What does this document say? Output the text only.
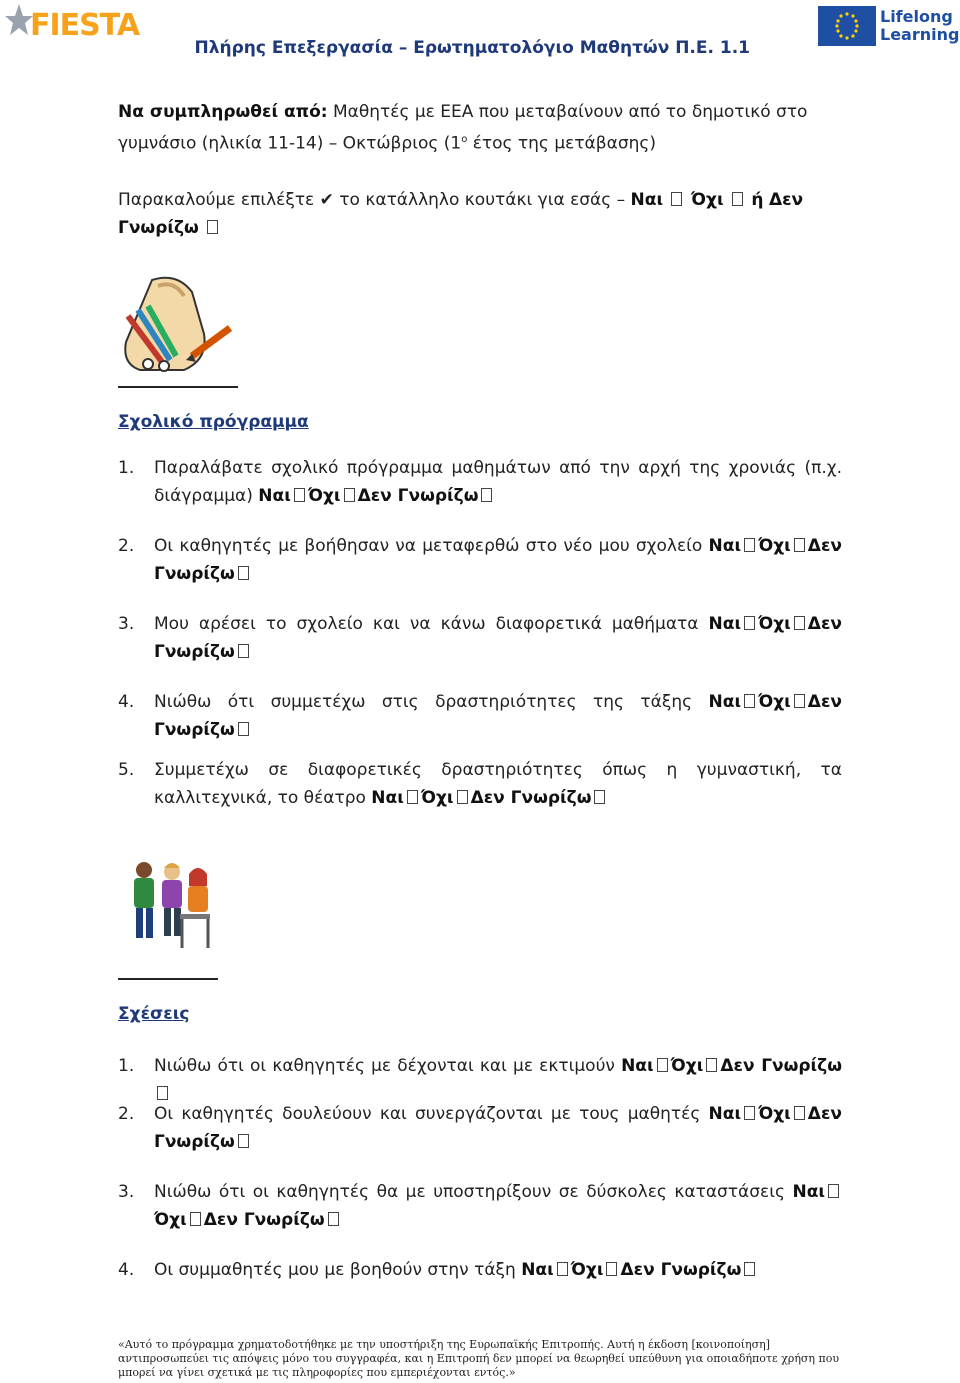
FIESTA	Lifelong
Learning
Πλήρης Επεξεργασία – Ερωτηματολόγιο Μαθητών Π.Ε. 1.1
Να συμπληρωθεί από: Μαθητές με ΕΕΑ που μεταβαίνουν από το δημοτικό στο γυμνάσιο (ηλικία 11-14) – Οκτώβριος ($1^o$ έτος της μετάβασης)
Παρακαλούμε επιλέξτε ✔ το κατάλληλο κουτάκι για εσάς – Ναι Όχι ή Δεν Γνωρίζω
Σχολικό πρόγραμμα
1.	Παραλάβατε σχολικό πρόγραμμα μαθημάτων από την αρχή της χρονιάς (π.χ. διάγραμμα) Ναι Όχι Δεν Γνωρίζω
2.	Οι καθηγητές με βοήθησαν να μεταφερθώ στο νέο μου σχολείο Ναι Όχι Δεν Γνωρίζω
3.	Μου αρέσει το σχολείο και να κάνω διαφορετικά μαθήματα Ναι Όχι Δεν Γνωρίζω
4.	Νιώθω ότι συμμετέχω στις δραστηριότητες της τάξης Ναι Όχι Δεν Γνωρίζω
5.	Συμμετέχω σε διαφορετικές δραστηριότητες όπως η γυμναστική, τα καλλιτεχνικά, το θέατρο Ναι Όχι Δεν Γνωρίζω
Σχέσεις
1.	Νιώθω ότι οι καθηγητές με δέχονται και με εκτιμούν Ναι Όχι Δεν Γνωρίζω
2.	Οι καθηγητές δουλεύουν και συνεργάζονται με τους μαθητές Ναι Όχι Δεν Γνωρίζω
3.	Νιώθω ότι οι καθηγητές θα με υποστηρίξουν σε δύσκολες καταστάσεις ΝαιΌχι Δεν Γνωρίζω
4.	Οι συμμαθητές μου με βοηθούν στην τάξη Ναι Όχι Δεν Γνωρίζω
«Αυτό το πρόγραμμα χρηματοδοτήθηκε με την υποστήριξη της Ευρωπαϊκής Επιτροπής. Αυτή η έκδοση [κοινοποίηση] αντιπροσωπεύει τις απόψεις μόνο του συγγραφέα, και η Επιτροπή δεν μπορεί να θεωρηθεί υπεύθυνη για οποιαδήποτε χρήση που μπορεί να γίνει σχετικά με τις πληροφορίες που εμπεριέχονται εντός.»
